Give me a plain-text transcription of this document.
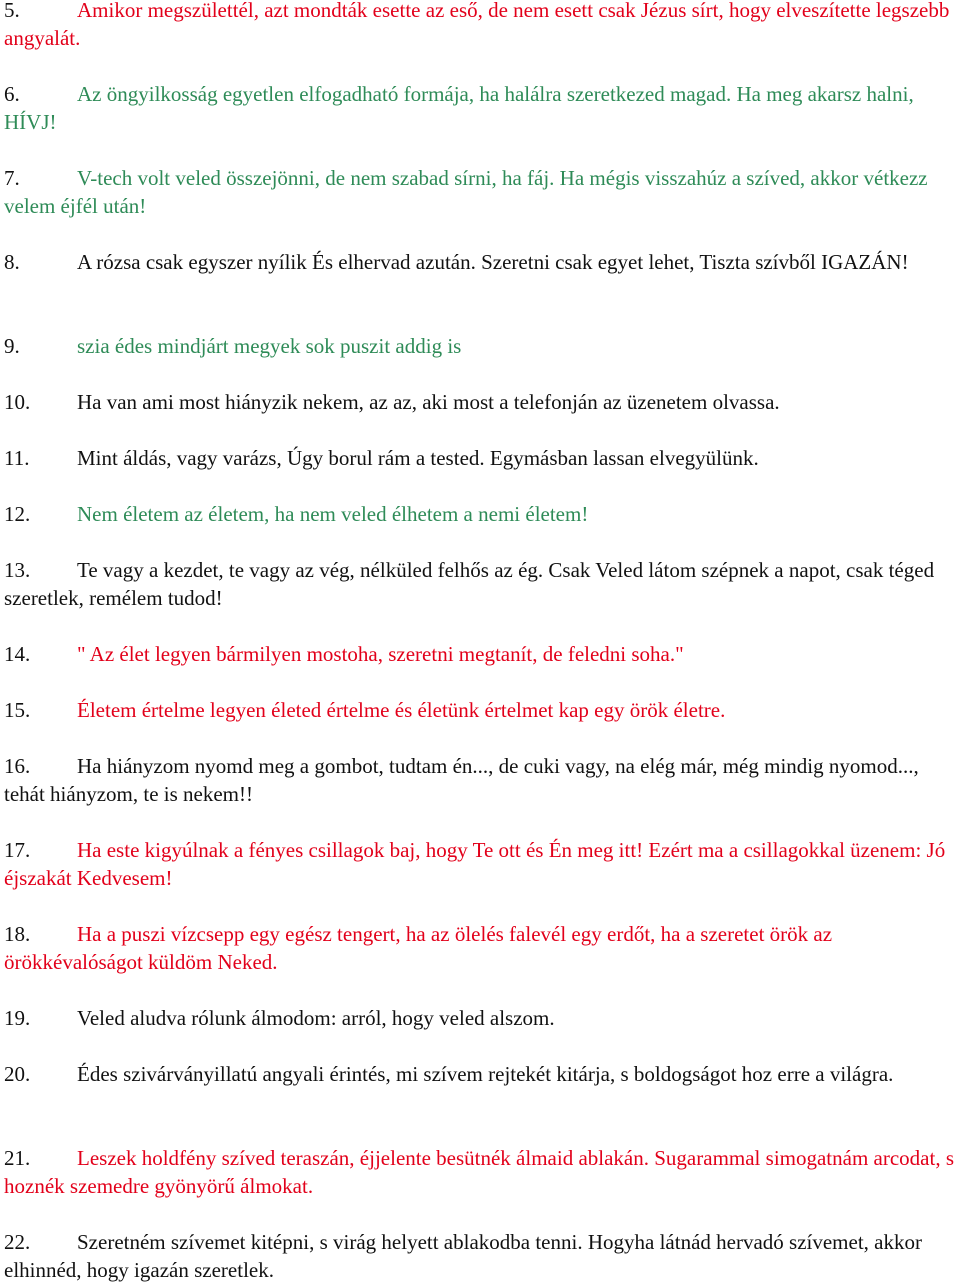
5.	Amikor megszülettél, azt mondták esette az eső, de nem esett csak Jézus sírt, hogy elveszítette legszebb angyalát.

6.	Az öngyilkosság egyetlen elfogadható formája, ha halálra szeretkezed magad. Ha meg akarsz halni, HÍVJ!

7.	V-tech volt veled összejönni, de nem szabad sírni, ha fáj. Ha mégis visszahúz a szíved, akkor vétkezz velem éjfél után!

8.	A rózsa csak egyszer nyílik És elhervad azután. Szeretni csak egyet lehet, Tiszta szívből IGAZÁN!

9.	szia édes mindjárt megyek sok puszit addig is

10. Ha van ami most hiányzik nekem, az az, aki most a telefonján az üzenetem olvassa.

11. Mint áldás, vagy varázs, Úgy borul rám a tested. Egymásban lassan elvegyülünk.

12. Nem életem az életem, ha nem veled élhetem a nemi életem!

13. Te vagy a kezdet, te vagy az vég, nélküled felhős az ég. Csak Veled látom szépnek a napot, csak téged szeretlek, remélem tudod!

14. " Az élet legyen bármilyen mostoha, szeretni megtanít, de feledni soha."

15. Életem értelme legyen életed értelme és életünk értelmet kap egy örök életre.

16. Ha hiányzom nyomd meg a gombot, tudtam én..., de cuki vagy, na elég már, még mindig nyomod..., tehát hiányzom, te is nekem!!

17. Ha este kigyúlnak a fényes csillagok baj, hogy Te ott és Én meg itt! Ezért ma a csillagokkal üzenem: Jó éjszakát Kedvesem!

18. Ha a puszi vízcsepp egy egész tengert, ha az ölelés falevél egy erdőt, ha a szeretet örök az örökkévalóságot küldöm Neked.

19. Veled aludva rólunk álmodom: arról, hogy veled alszom.

20. Édes szivárványillatú angyali érintés, mi szívem rejtekét kitárja, s boldogságot hoz erre a világra.

21. Leszek holdfény szíved teraszán, éjjelente besütnék álmaid ablakán. Sugarammal simogatnám arcodat, s hoznék szemedre gyönyörű álmokat.

22. Szeretném szívemet kitépni, s virág helyett ablakodba tenni. Hogyha látnád hervadó szívemet, akkor elhinnéd, hogy igazán szeretlek.
